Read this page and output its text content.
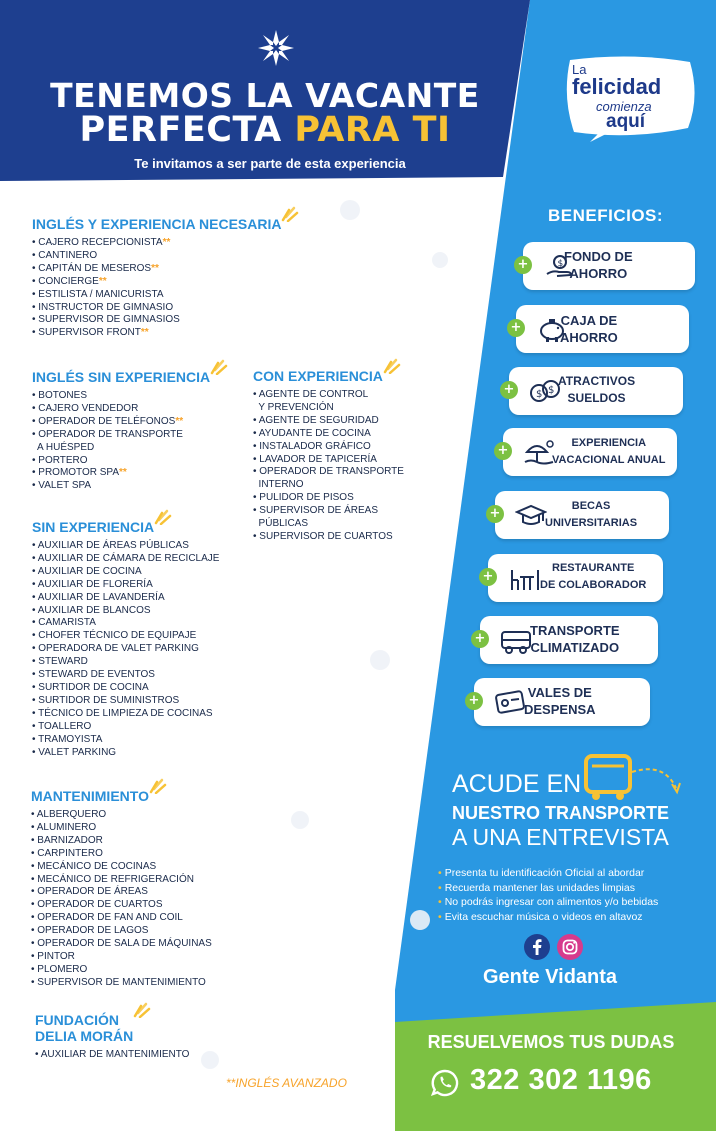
TENEMOS LA VACANTE
PERFECTA PARA TI
Te invitamos a ser parte de esta experiencia
La
felicidad
comienza
aquí
INGLÉS Y EXPERIENCIA NECESARIA
• CAJERO RECEPCIONISTA**
• CANTINERO
• CAPITÁN DE MESEROS**
• CONCIERGE**
• ESTILISTA / MANICURISTA
• INSTRUCTOR DE GIMNASIO
• SUPERVISOR DE GIMNASIOS
• SUPERVISOR FRONT**
INGLÉS SIN EXPERIENCIA
• BOTONES
• CAJERO VENDEDOR
• OPERADOR DE TELÉFONOS**
• OPERADOR DE TRANSPORTE
A HUÉSPED
• PORTERO
• PROMOTOR SPA**
• VALET SPA
CON EXPERIENCIA
• AGENTE DE CONTROL
Y PREVENCIÓN
• AGENTE DE SEGURIDAD
• AYUDANTE DE COCINA
• INSTALADOR GRÁFICO
• LAVADOR DE TAPICERÍA
• OPERADOR DE TRANSPORTE
INTERNO
• PULIDOR DE PISOS
• SUPERVISOR DE ÁREAS
PÚBLICAS
• SUPERVISOR DE CUARTOS
SIN EXPERIENCIA
• AUXILIAR DE ÁREAS PÚBLICAS
• AUXILIAR DE CÁMARA DE RECICLAJE
• AUXILIAR DE COCINA
• AUXILIAR DE FLORERÍA
• AUXILIAR DE LAVANDERÍA
• AUXILIAR DE BLANCOS
• CAMARISTA
• CHOFER TÉCNICO DE EQUIPAJE
• OPERADORA DE VALET PARKING
• STEWARD
• STEWARD DE EVENTOS
• SURTIDOR DE COCINA
• SURTIDOR DE SUMINISTROS
• TÉCNICO DE LIMPIEZA DE COCINAS
• TOALLERO
• TRAMOYISTA
• VALET PARKING
MANTENIMIENTO
• ALBERQUERO
• ALUMINERO
• BARNIZADOR
• CARPINTERO
• MECÁNICO DE COCINAS
• MECÁNICO DE REFRIGERACIÓN
• OPERADOR DE ÁREAS
• OPERADOR DE CUARTOS
• OPERADOR DE FAN AND COIL
• OPERADOR DE LAGOS
• OPERADOR DE SALA DE MÁQUINAS
• PINTOR
• PLOMERO
• SUPERVISOR DE MANTENIMIENTO
FUNDACIÓN
DELIA MORÁN
• AUXILIAR DE MANTENIMIENTO
**INGLÉS AVANZADO
BENEFICIOS:
+	$ FONDO DE
AHORRO
+	CAJA DE
AHORRO
+	$ $
ATRACTIVOS
SUELDOS
+	EXPERIENCIA
VACACIONAL ANUAL
+	BECAS
UNIVERSITARIAS
+
RESTAURANTE
DE COLABORADOR
+
TRANSPORTE
CLIMATIZADO
+
VALES DE
DESPENSA
ACUDE EN
NUESTRO TRANSPORTE
A UNA ENTREVISTA
• Presenta tu identificación Oficial al abordar
• Recuerda mantener las unidades limpias
• No podrás ingresar con alimentos y/o bebidas
• Evita escuchar música o videos en altavoz
Gente Vidanta
RESUELVEMOS TUS DUDAS
322 302 1196
